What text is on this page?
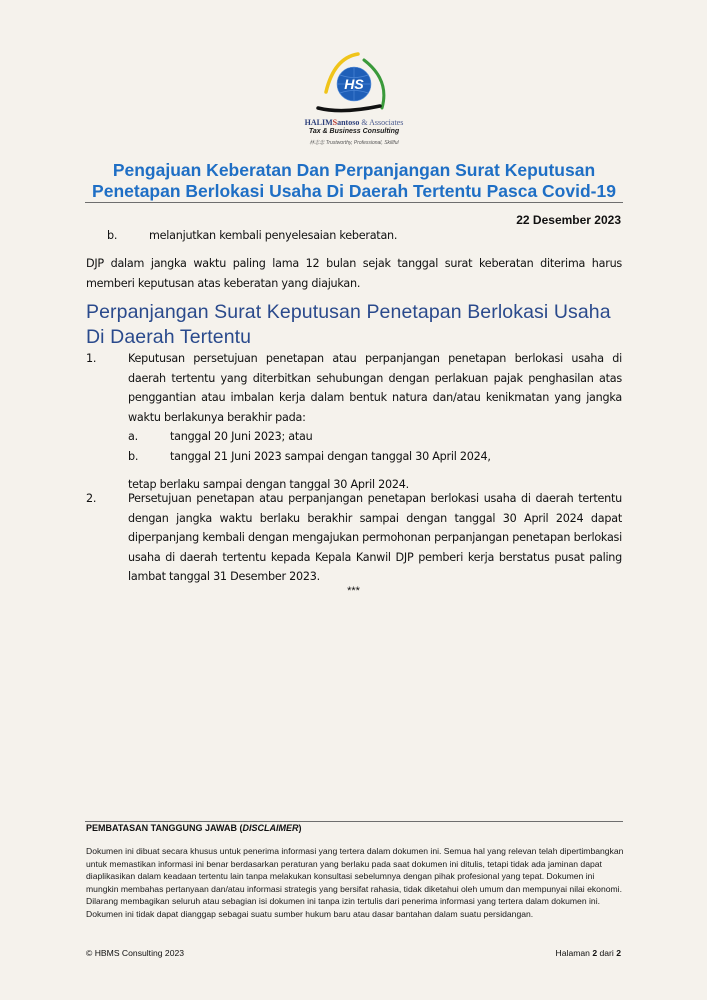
HS
HALIMSantoso & Associates
Tax & Business Consulting
林志忠 Trustworthy, Professional, Skillful
Pengajuan Keberatan Dan Perpanjangan Surat Keputusan
Penetapan Berlokasi Usaha Di Daerah Tertentu Pasca Covid-19
22 Desember 2023
b.	melanjutkan kembali penyelesaian keberatan.
DJP dalam jangka waktu paling lama 12 bulan sejak tanggal surat keberatan diterima harus memberi keputusan atas keberatan yang diajukan.
Perpanjangan Surat Keputusan Penetapan Berlokasi Usaha
Di Daerah Tertentu
1.	Keputusan persetujuan penetapan atau perpanjangan penetapan berlokasi usaha di daerah tertentu yang diterbitkan sehubungan dengan perlakuan pajak penghasilan atas penggantian atau imbalan kerja dalam bentuk natura dan/atau kenikmatan yang jangka waktu berlakunya berakhir pada:
a.	tanggal 20 Juni 2023; atau
b.	tanggal 21 Juni 2023 sampai dengan tanggal 30 April 2024,
tetap berlaku sampai dengan tanggal 30 April 2024.
2.	Persetujuan penetapan atau perpanjangan penetapan berlokasi usaha di daerah tertentu dengan jangka waktu berlaku berakhir sampai dengan tanggal 30 April 2024 dapat diperpanjang kembali dengan mengajukan permohonan perpanjangan penetapan berlokasi usaha di daerah tertentu kepada Kepala Kanwil DJP pemberi kerja berstatus pusat paling lambat tanggal 31 Desember 2023.
***
PEMBATASAN TANGGUNG JAWAB (DISCLAIMER)
Dokumen ini dibuat secara khusus untuk penerima informasi yang tertera dalam dokumen ini. Semua hal yang relevan telah dipertimbangkan untuk memastikan informasi ini benar berdasarkan peraturan yang berlaku pada saat dokumen ini ditulis, tetapi tidak ada jaminan dapat diaplikasikan dalam keadaan tertentu lain tanpa melakukan konsultasi sebelumnya dengan pihak profesional yang tepat. Dokumen ini mungkin membahas pertanyaan dan/atau informasi strategis yang bersifat rahasia, tidak diketahui oleh umum dan mempunyai nilai ekonomi. Dilarang membagikan seluruh atau sebagian isi dokumen ini tanpa izin tertulis dari penerima informasi yang tertera dalam dokumen ini. Dokumen ini tidak dapat dianggap sebagai suatu sumber hukum baru atau dasar bantahan dalam suatu persidangan.
© HBMS Consulting 2023	Halaman 2 dari 2
